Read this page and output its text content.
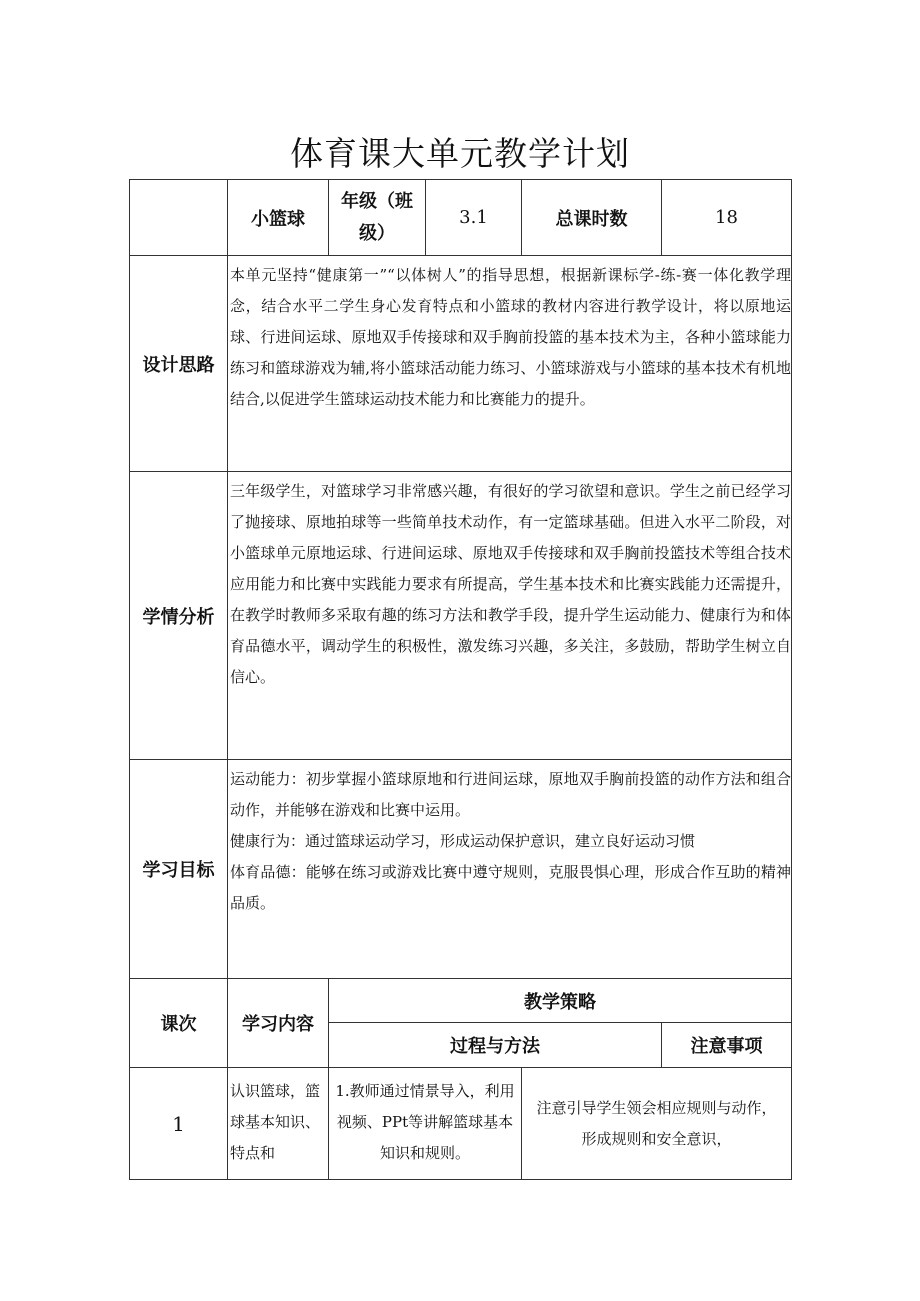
体育课大单元教学计划
	小篮球	年级（班级）	3.1	总课时数	18
设计思路	本单元坚持“健康第一”“以体树人”的指导思想，根据新课标学-练-赛一体化教学理念，结合水平二学生身心发育特点和小篮球的教材内容进行教学设计，将以原地运球、行进间运球、原地双手传接球和双手胸前投篮的基本技术为主，各种小篮球能力练习和篮球游戏为辅,将小篮球活动能力练习、小篮球游戏与小篮球的基本技术有机地结合,以促进学生篮球运动技术能力和比赛能力的提升。				
学情分析	三年级学生，对篮球学习非常感兴趣，有很好的学习欲望和意识。学生之前已经学习了抛接球、原地拍球等一些简单技术动作，有一定篮球基础。但进入水平二阶段，对小篮球单元原地运球、行进间运球、原地双手传接球和双手胸前投篮技术等组合技术应用能力和比赛中实践能力要求有所提高，学生基本技术和比赛实践能力还需提升，在教学时教师多采取有趣的练习方法和教学手段，提升学生运动能力、健康行为和体育品德水平，调动学生的积极性，激发练习兴趣，多关注，多鼓励，帮助学生树立自信心。				
学习目标	运动能力：初步掌握小篮球原地和行进间运球，原地双手胸前投篮的动作方法和组合动作，并能够在游戏和比赛中运用。

健康行为：通过篮球运动学习，形成运动保护意识，建立良好运动习惯

体育品德：能够在练习或游戏比赛中遵守规则，克服畏惧心理，形成合作互助的精神品质。				

课次	学习内容	教学策略			
		过程与方法			注意事项
1	认识篮球，篮球基本知识、特点和	1.教师通过情景导入，利用视频、PPt等讲解篮球基本知识和规则。		注意引导学生领会相应规则与动作，形成规则和安全意识，	
